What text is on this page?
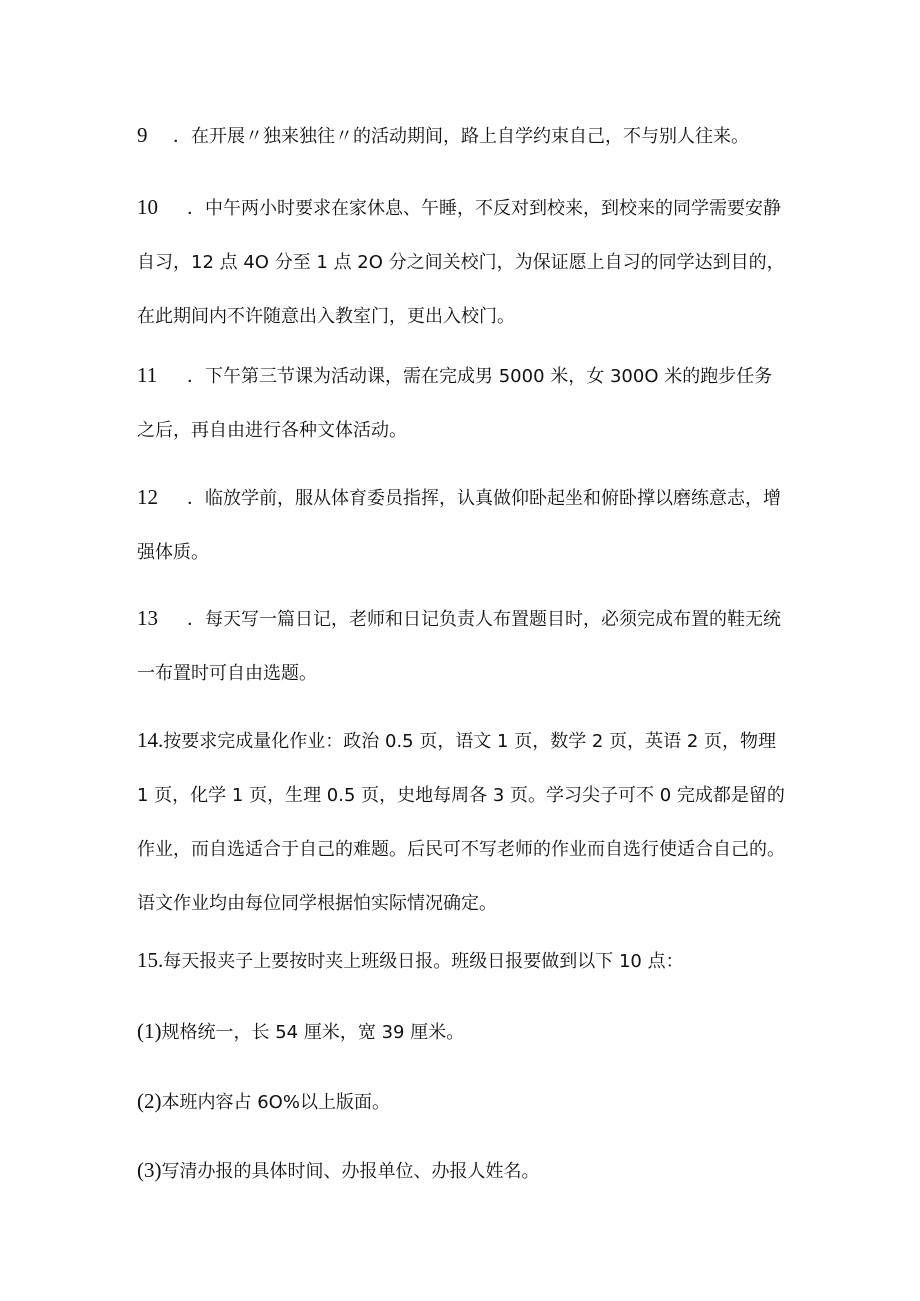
9 ．在开展〃独来独往〃的活动期间，路上自学约束自己，不与别人往来。
10 ．中午两小时要求在家休息、午睡，不反对到校来，到校来的同学需要安静
自习，12 点 4O 分至 1 点 2O 分之间关校门，为保证愿上自习的同学达到目的，
在此期间内不许随意出入教室门，更出入校门。
11 ．下午第三节课为活动课，需在完成男 5000 米，女 300O 米的跑步任务
之后，再自由进行各种文体活动。
12 ．临放学前，服从体育委员指挥，认真做仰卧起坐和俯卧撑以磨练意志，增
强体质。
13 ．每天写一篇日记，老师和日记负责人布置题目时，必须完成布置的鞋无统
一布置时可自由选题。
14.按要求完成量化作业：政治 0.5 页，语文 1 页，数学 2 页，英语 2 页，物理
1 页，化学 1 页，生理 0.5 页，史地每周各 3 页。学习尖子可不 0 完成都是留的
作业，而自选适合于自己的难题。后民可不写老师的作业而自选行使适合自己的。
语文作业均由每位同学根据怕实际情况确定。
15.每天报夹子上要按时夹上班级日报。班级日报要做到以下 10 点：
(1)规格统一，长 54 厘米，宽 39 厘米。
(2)本班内容占 6O%以上版面。
(3)写清办报的具体时间、办报单位、办报人姓名。
